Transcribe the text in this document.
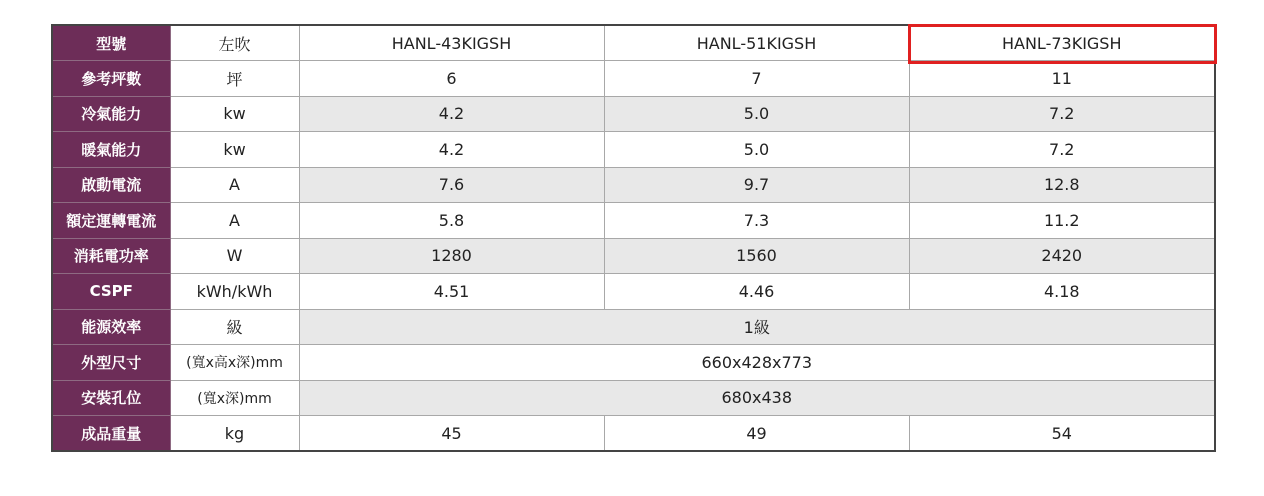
型號	左吹	HANL-43KIGSH	HANL-51KIGSH	HANL-73KIGSH
參考坪數	坪	6	7	11
冷氣能力	kw	4.2	5.0	7.2
暖氣能力	kw	4.2	5.0	7.2
啟動電流	A	7.6	9.7	12.8
額定運轉電流	A	5.8	7.3	11.2
消耗電功率	W	1280	1560	2420
CSPF	kWh/kWh	4.51	4.46	4.18
能源效率	級	1級		
外型尺寸	(寬x高x深)mm	660x428x773		
安裝孔位	(寬x深)mm	680x438		
成品重量	kg	45	49	54
